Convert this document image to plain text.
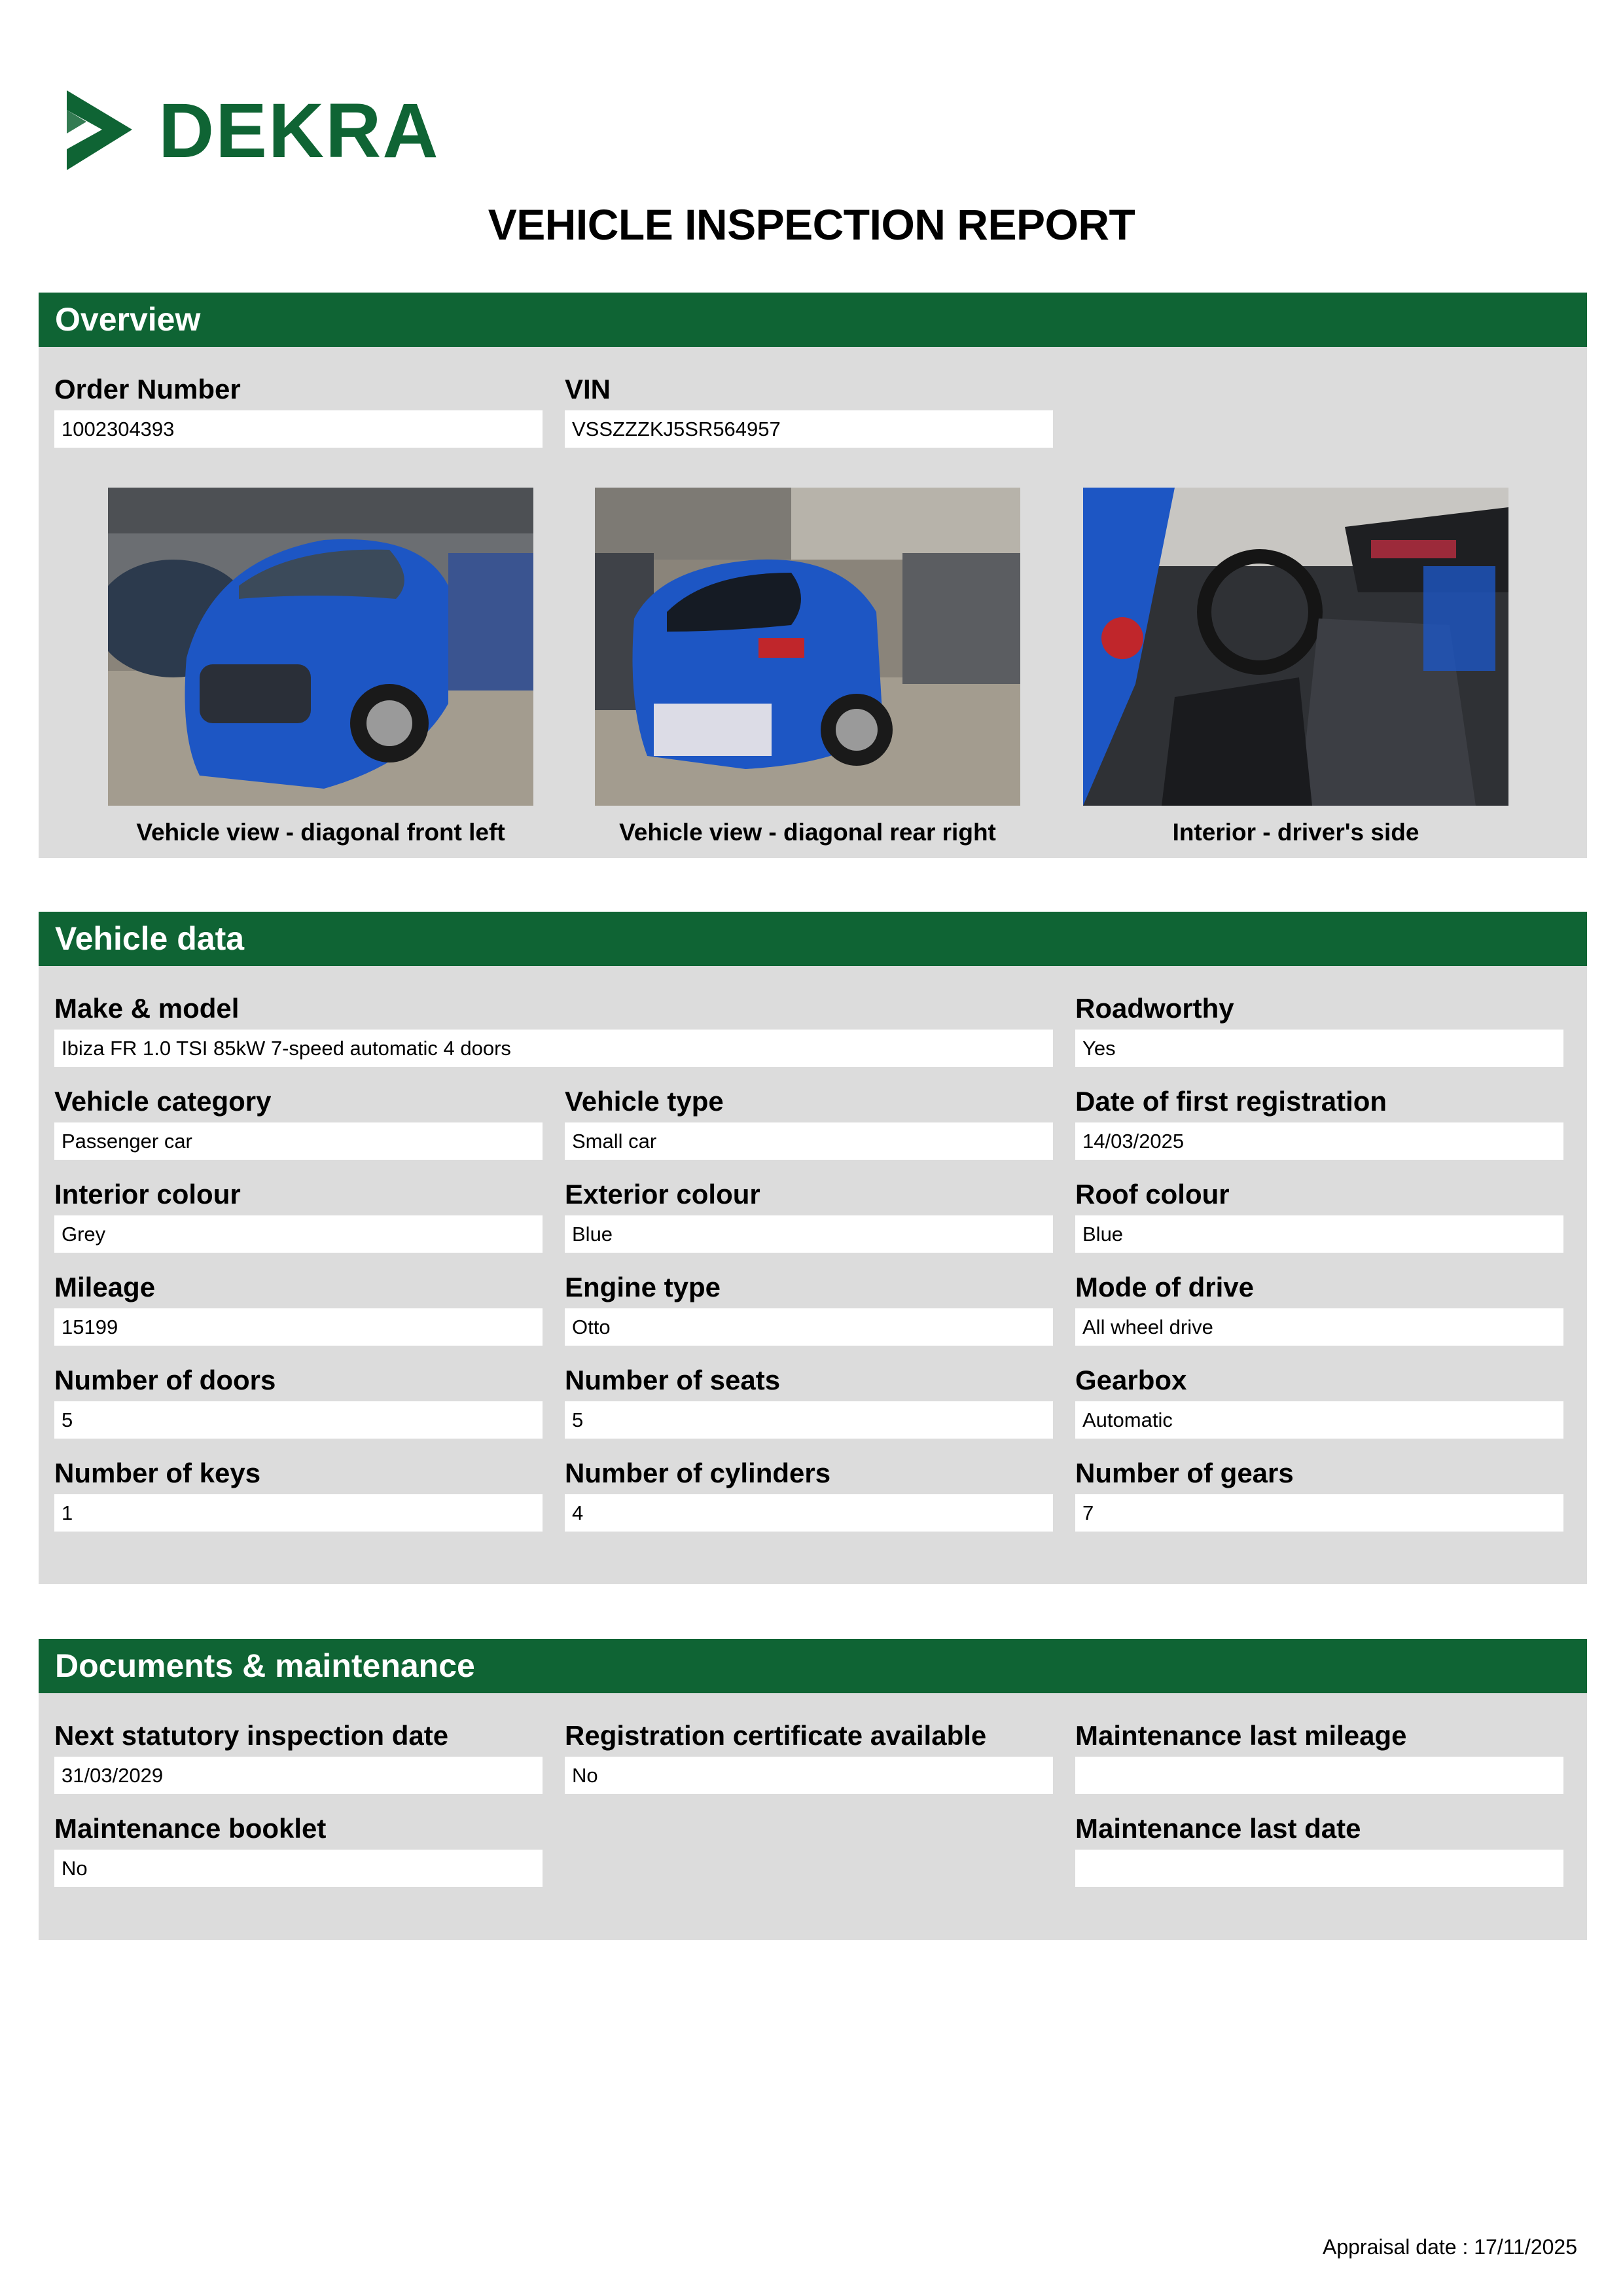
DEKRA
VEHICLE INSPECTION REPORT
Overview
Order Number
1002304393
VIN
VSSZZZKJ5SR564957
Vehicle view - diagonal front left	Vehicle view - diagonal rear right	Interior - driver's side
Vehicle data
Make & model
Ibiza FR 1.0 TSI 85kW 7-speed automatic 4 doors
Roadworthy
Yes
Vehicle category
Passenger car
Vehicle type
Small car
Date of first registration
14/03/2025
Interior colour
Grey
Exterior colour
Blue
Roof colour
Blue
Mileage
15199
Engine type
Otto
Mode of drive
All wheel drive
Number of doors
5
Number of seats
5
Gearbox
Automatic
Number of keys
1
Number of cylinders
4
Number of gears
7
Documents & maintenance
Next statutory inspection date
31/03/2029
Registration certificate available
No
Maintenance last mileage
Maintenance booklet
No
Maintenance last date
Appraisal date : 17/11/2025
